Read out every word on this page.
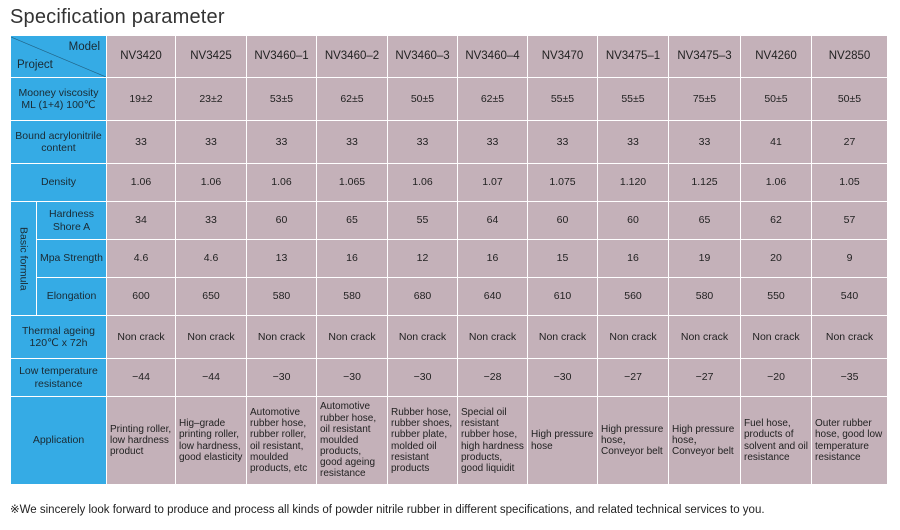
Specification parameter
Model
Project		NV3420	NV3425	NV3460–1	NV3460–2	NV3460–3	NV3460–4	NV3470	NV3475–1	NV3475–3	NV4260	NV2850
Mooney viscosity ML (1+4) 100℃		19±2	23±2	53±5	62±5	50±5	62±5	55±5	55±5	75±5	50±5	50±5
Bound acrylonitrile content		33	33	33	33	33	33	33	33	33	41	27
Density		1.06	1.06	1.06	1.065	1.06	1.07	1.075	1.120	1.125	1.06	1.05

Basic formula	Hardness Shore A	34	33	60	65	55	64	60	60	65	62	57
	Mpa Strength	4.6	4.6	13	16	12	16	15	16	19	20	9
	Elongation	600	650	580	580	680	640	610	560	580	550	540
Thermal ageing 120℃ x 72h		Non crack	Non crack	Non crack	Non crack	Non crack	Non crack	Non crack	Non crack	Non crack	Non crack	Non crack
Low temperature resistance		−44	−44	−30	−30	−30	−28	−30	−27	−27	−20	−35
Application		Printing roller, low hardness product	Hig–grade printing roller, low hardness, good elasticity	Automotive rubber hose, rubber roller, oil resistant, moulded products, etc	Automotive rubber hose, oil resistant moulded products, good ageing resistance	Rubber hose, rubber shoes, rubber plate, molded oil resistant products	Special oil resistant rubber hose, high hardness products, good liquidit	High pressure hose	High pressure hose， Conveyor belt	High pressure hose， Conveyor belt	Fuel hose, products of solvent and oil resistance	Outer rubber hose, good low temperature resistance
※We sincerely look forward to produce and process all kinds of powder nitrile rubber in different specifications, and related technical services to you.
